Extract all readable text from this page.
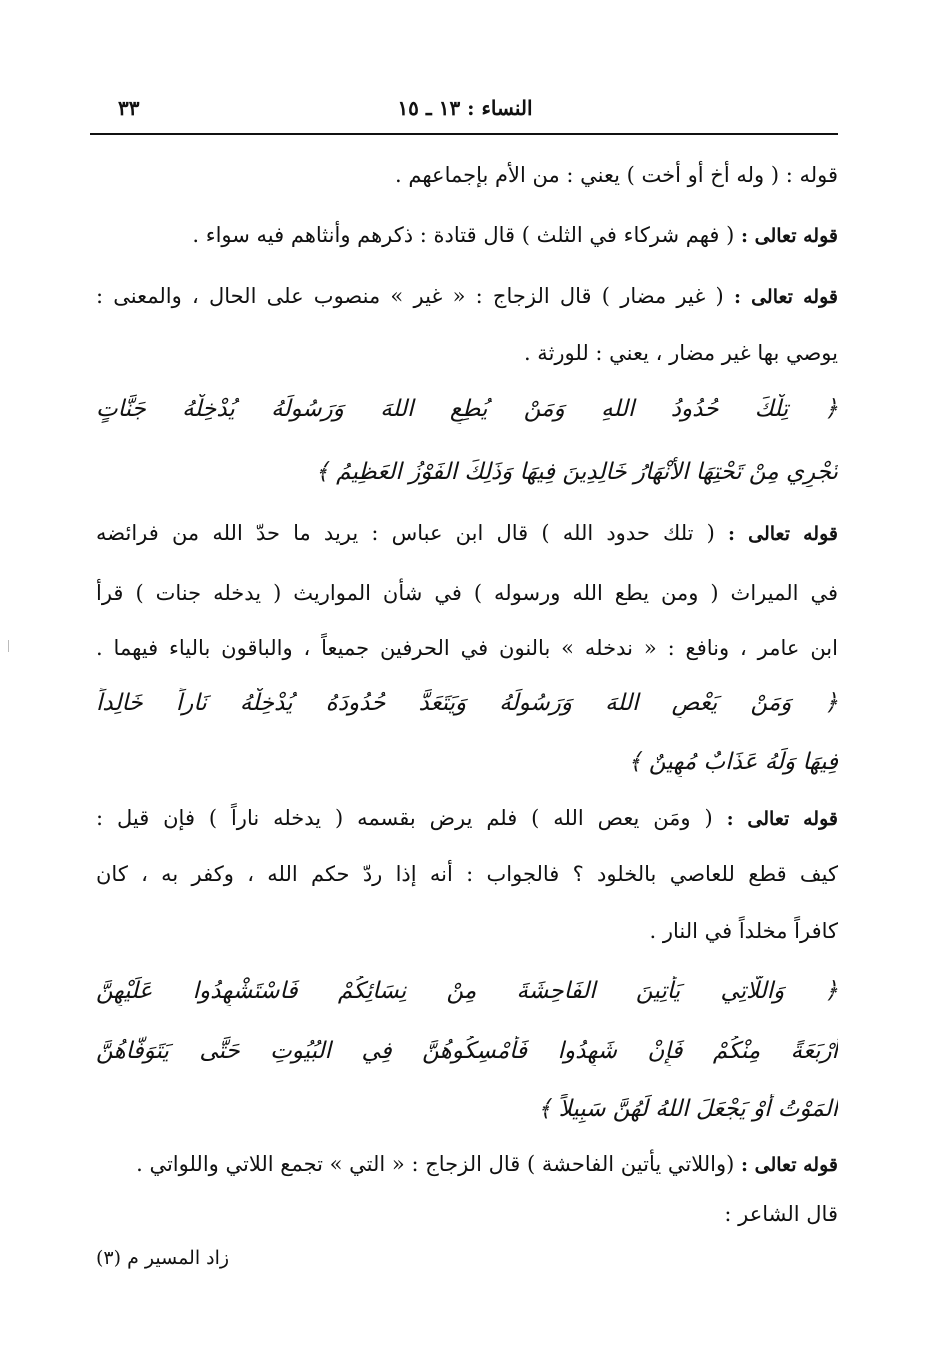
٣٣	النساء : ١٣ ـ ١٥
قوله : ( وله أخ أو أخت ) يعني : من الأم بإجماعهم .
قوله تعالى : ( فهم شركاء في الثلث ) قال قتادة : ذكرهم وأنثاهم فيه سواء .
قوله تعالى : ( غير مضار ) قال الزجاج : « غير » منصوب على الحال ، والمعنى :
يوصي بها غير مضار ، يعني : للورثة .
﴿ تِلْكَ حُدُودُ اللهِ وَمَنْ يُطِعِ اللهَ وَرَسُولَهُ يُدْخِلْهُ جَنَّاتٍ
تَجْرِي مِنْ تَحْتِهَا الأَنْهَارُ خَالِدِينَ فِيهَا وَذَلِكَ الفَوْزُ العَظِيمُ ﴾
قوله تعالى : ( تلك حدود الله ) قال ابن عباس : يريد ما حدّ الله من فرائضه
في الميراث ( ومن يطع الله ورسوله ) في شأن المواريث ( يدخله جنات ) قرأ
ابن عامر ، ونافع : « ندخله » بالنون في الحرفين جميعاً ، والباقون بالياء فيهما .
﴿ وَمَنْ يَعْصِ اللهَ وَرَسُولَهُ وَيَتَعَدَّ حُدُودَهُ يُدْخِلْهُ نَاراً خَالِداً
فِيهَا وَلَهُ عَذَابٌ مُهِينٌ ﴾
قوله تعالى : ( ومَن يعص الله ) فلم يرض بقسمه ( يدخله ناراً ) فإن قيل :
كيف قطع للعاصي بالخلود ؟ فالجواب : أنه إذا ردّ حكم الله ، وكفر به ، كان
كافراً مخلداً في النار .
﴿ وَاللَّاتِي يَأْتِينَ الفَاحِشَةَ مِنْ نِسَائِكُمْ فَاسْتَشْهِدُوا عَلَيْهِنَّ
أَرْبَعَةً مِنْكُمْ فَإِنْ شَهِدُوا فَأَمْسِكُوهُنَّ فِي البُيُوتِ حَتَّى يَتَوَفَّاهُنَّ
المَوْتُ أَوْ يَجْعَلَ اللهُ لَهُنَّ سَبِيلاً ﴾
قوله تعالى : (واللاتي يأتين الفاحشة ) قال الزجاج : « التي » تجمع اللاتي واللواتي .
قال الشاعر :
زاد المسير م (٣)
